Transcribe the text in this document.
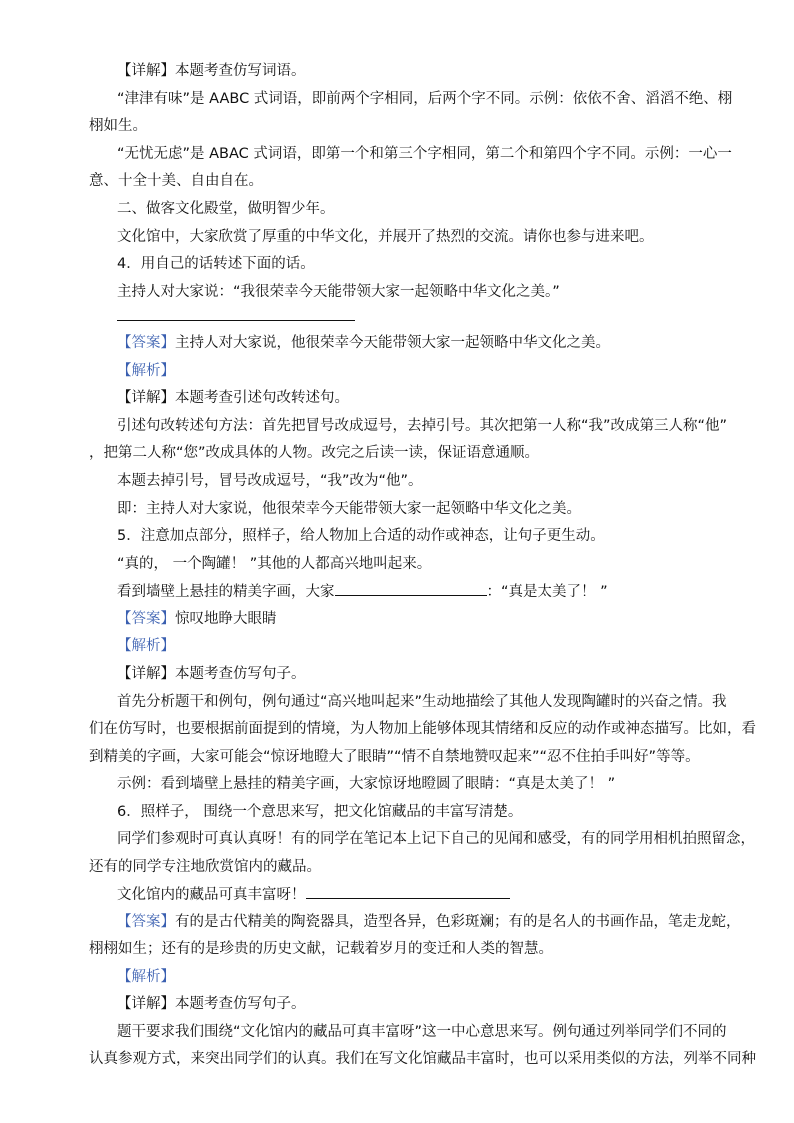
【详解】本题考查仿写词语。
“津津有味”是 AABC 式词语，即前两个字相同，后两个字不同。示例：依依不舍、滔滔不绝、栩
栩如生。
“无忧无虑”是 ABAC 式词语，即第一个和第三个字相同，第二个和第四个字不同。示例：一心一
意、十全十美、自由自在。
二、做客文化殿堂，做明智少年。
文化馆中，大家欣赏了厚重的中华文化，并展开了热烈的交流。请你也参与进来吧。
4．用自己的话转述下面的话。
主持人对大家说：“我很荣幸今天能带领大家一起领略中华文化之美。”
【答案】主持人对大家说，他很荣幸今天能带领大家一起领略中华文化之美。
【解析】
【详解】本题考查引述句改转述句。
引述句改转述句方法：首先把冒号改成逗号，去掉引号。其次把第一人称“我”改成第三人称“他”
，把第二人称“您”改成具体的人物。改完之后读一读，保证语意通顺。
本题去掉引号，冒号改成逗号，“我”改为“他”。
即：主持人对大家说，他很荣幸今天能带领大家一起领略中华文化之美。
5．注意加点部分，照样子，给人物加上合适的动作或神态，让句子更生动。
“真的， 一个陶罐！ ”其他的人都高兴地叫起来。
看到墙壁上悬挂的精美字画，大家	：“真是太美了！ ”
【答案】惊叹地睁大眼睛
【解析】
【详解】本题考查仿写句子。
首先分析题干和例句，例句通过“高兴地叫起来”生动地描绘了其他人发现陶罐时的兴奋之情。我
们在仿写时，也要根据前面提到的情境，为人物加上能够体现其情绪和反应的动作或神态描写。比如，看
到精美的字画，大家可能会“惊讶地瞪大了眼睛”“情不自禁地赞叹起来”“忍不住拍手叫好”等等。
示例：看到墙壁上悬挂的精美字画，大家惊讶地瞪圆了眼睛：“真是太美了！ ”
6．照样子， 围绕一个意思来写，把文化馆藏品的丰富写清楚。
同学们参观时可真认真呀！有的同学在笔记本上记下自己的见闻和感受，有的同学用相机拍照留念，
还有的同学专注地欣赏馆内的藏品。
文化馆内的藏品可真丰富呀！
【答案】有的是古代精美的陶瓷器具，造型各异，色彩斑斓；有的是名人的书画作品，笔走龙蛇，
栩栩如生；还有的是珍贵的历史文献，记载着岁月的变迁和人类的智慧。
【解析】
【详解】本题考查仿写句子。
题干要求我们围绕“文化馆内的藏品可真丰富呀”这一中心意思来写。例句通过列举同学们不同的
认真参观方式，来突出同学们的认真。我们在写文化馆藏品丰富时，也可以采用类似的方法，列举不同种
